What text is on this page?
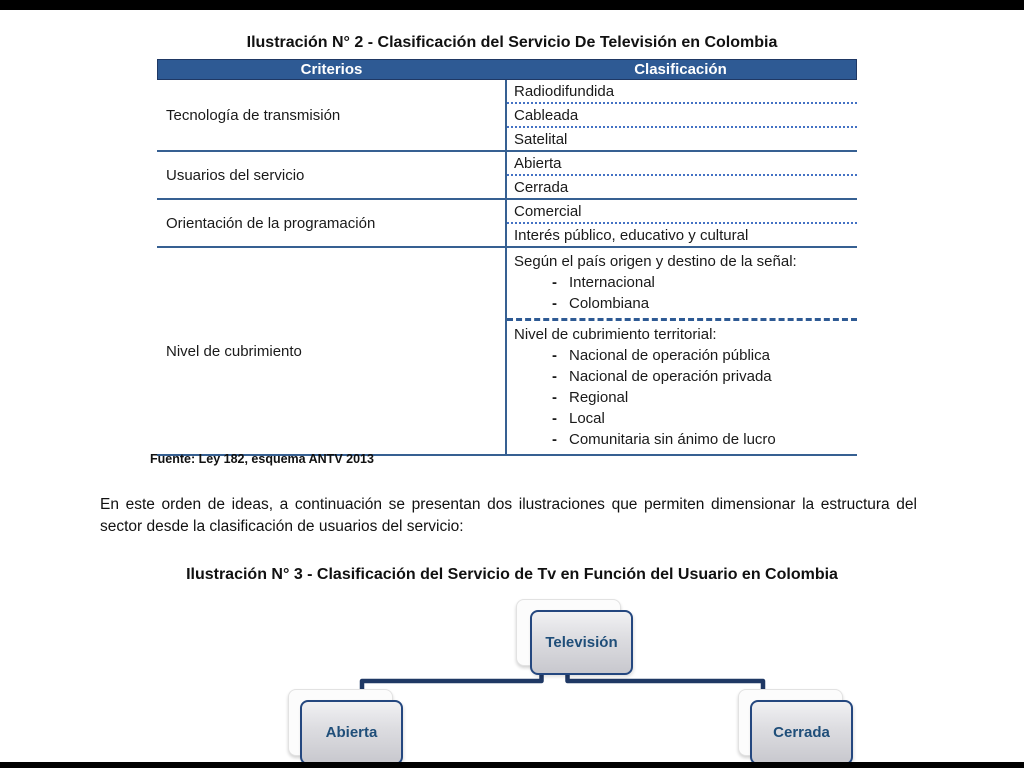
Ilustración N° 2 - Clasificación del Servicio De Televisión en Colombia
Criterios	Clasificación
Tecnología de transmisión
Radiodifundida
Cableada
Satelital
Usuarios del servicio
Abierta
Cerrada
Orientación de la programación
Comercial
Interés público, educativo y cultural
Nivel de cubrimiento
Según el país origen y destino de la señal:
- Internacional
- Colombiana
Nivel de cubrimiento territorial:
- Nacional de operación pública
- Nacional de operación privada
- Regional
- Local
- Comunitaria sin ánimo de lucro
Fuente: Ley 182, esquema ANTV 2013
En este orden de ideas, a continuación se presentan dos ilustraciones que permiten dimensionar la estructura del sector desde la clasificación de usuarios del servicio:
Ilustración N° 3 - Clasificación del Servicio de Tv en Función del Usuario en Colombia
Televisión
Abierta	Cerrada
